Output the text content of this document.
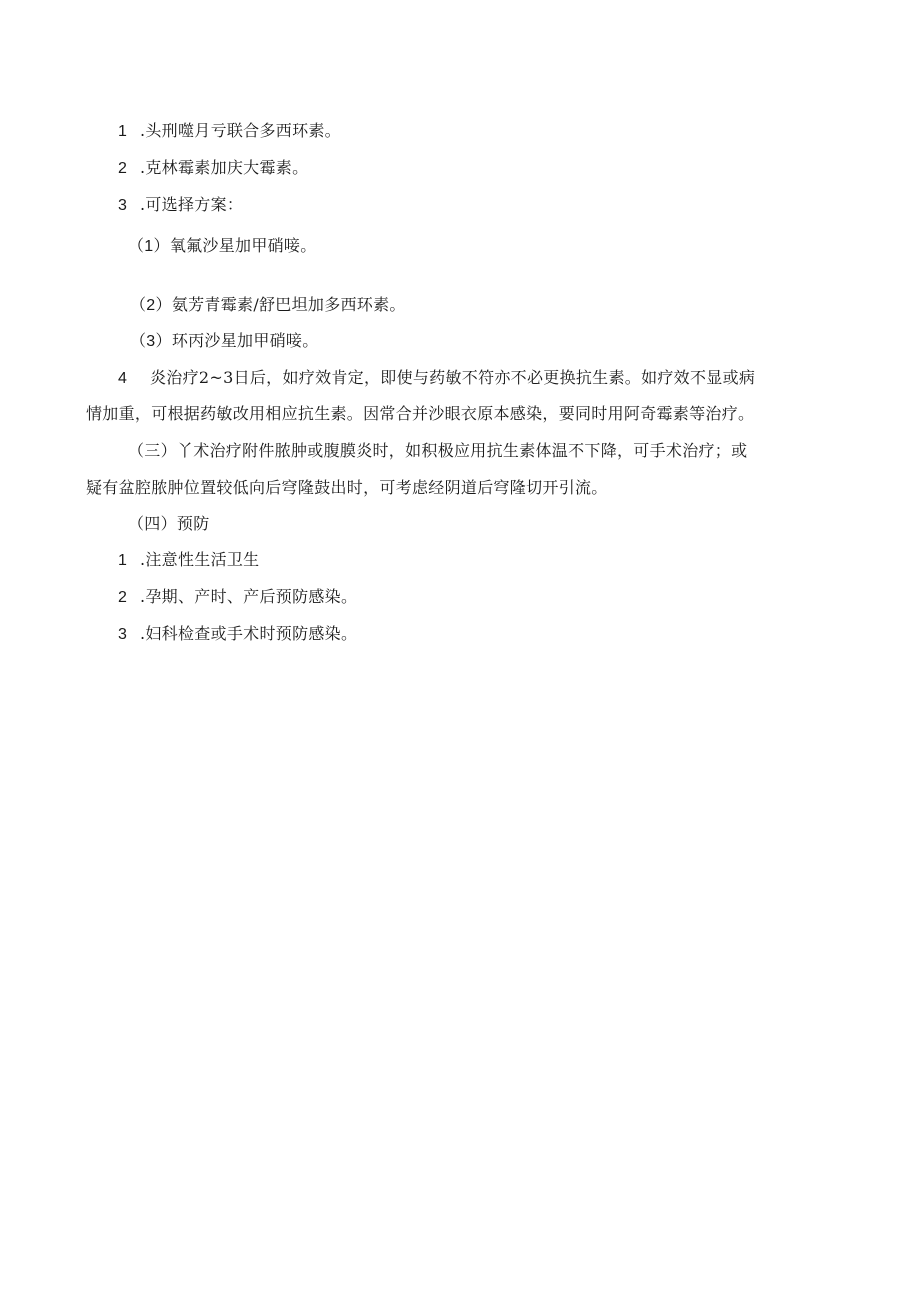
1 .头刑噬月亏联合多西环素。
2 .克林霉素加庆大霉素。
3 .可选择方案：
（1）氧氟沙星加甲硝唼。
（2）氨芳青霉素/舒巴坦加多西环素。
（3）环丙沙星加甲硝唼。
4 炎治疗2~3日后，如疗效肯定，即使与药敏不符亦不必更换抗生素。如疗效不显或病
情加重，可根据药敏改用相应抗生素。因常合并沙眼衣原本感染，要同时用阿奇霉素等治疗。
（三）丫术治疗附件脓肿或腹膜炎时，如积极应用抗生素体温不下降，可手术治疗；或
疑有盆腔脓肿位置较低向后穹隆鼓出时，可考虑经阴道后穹隆切开引流。
（四）预防
1 .注意性生活卫生
2 .孕期、产时、产后预防感染。
3 .妇科检查或手术时预防感染。
